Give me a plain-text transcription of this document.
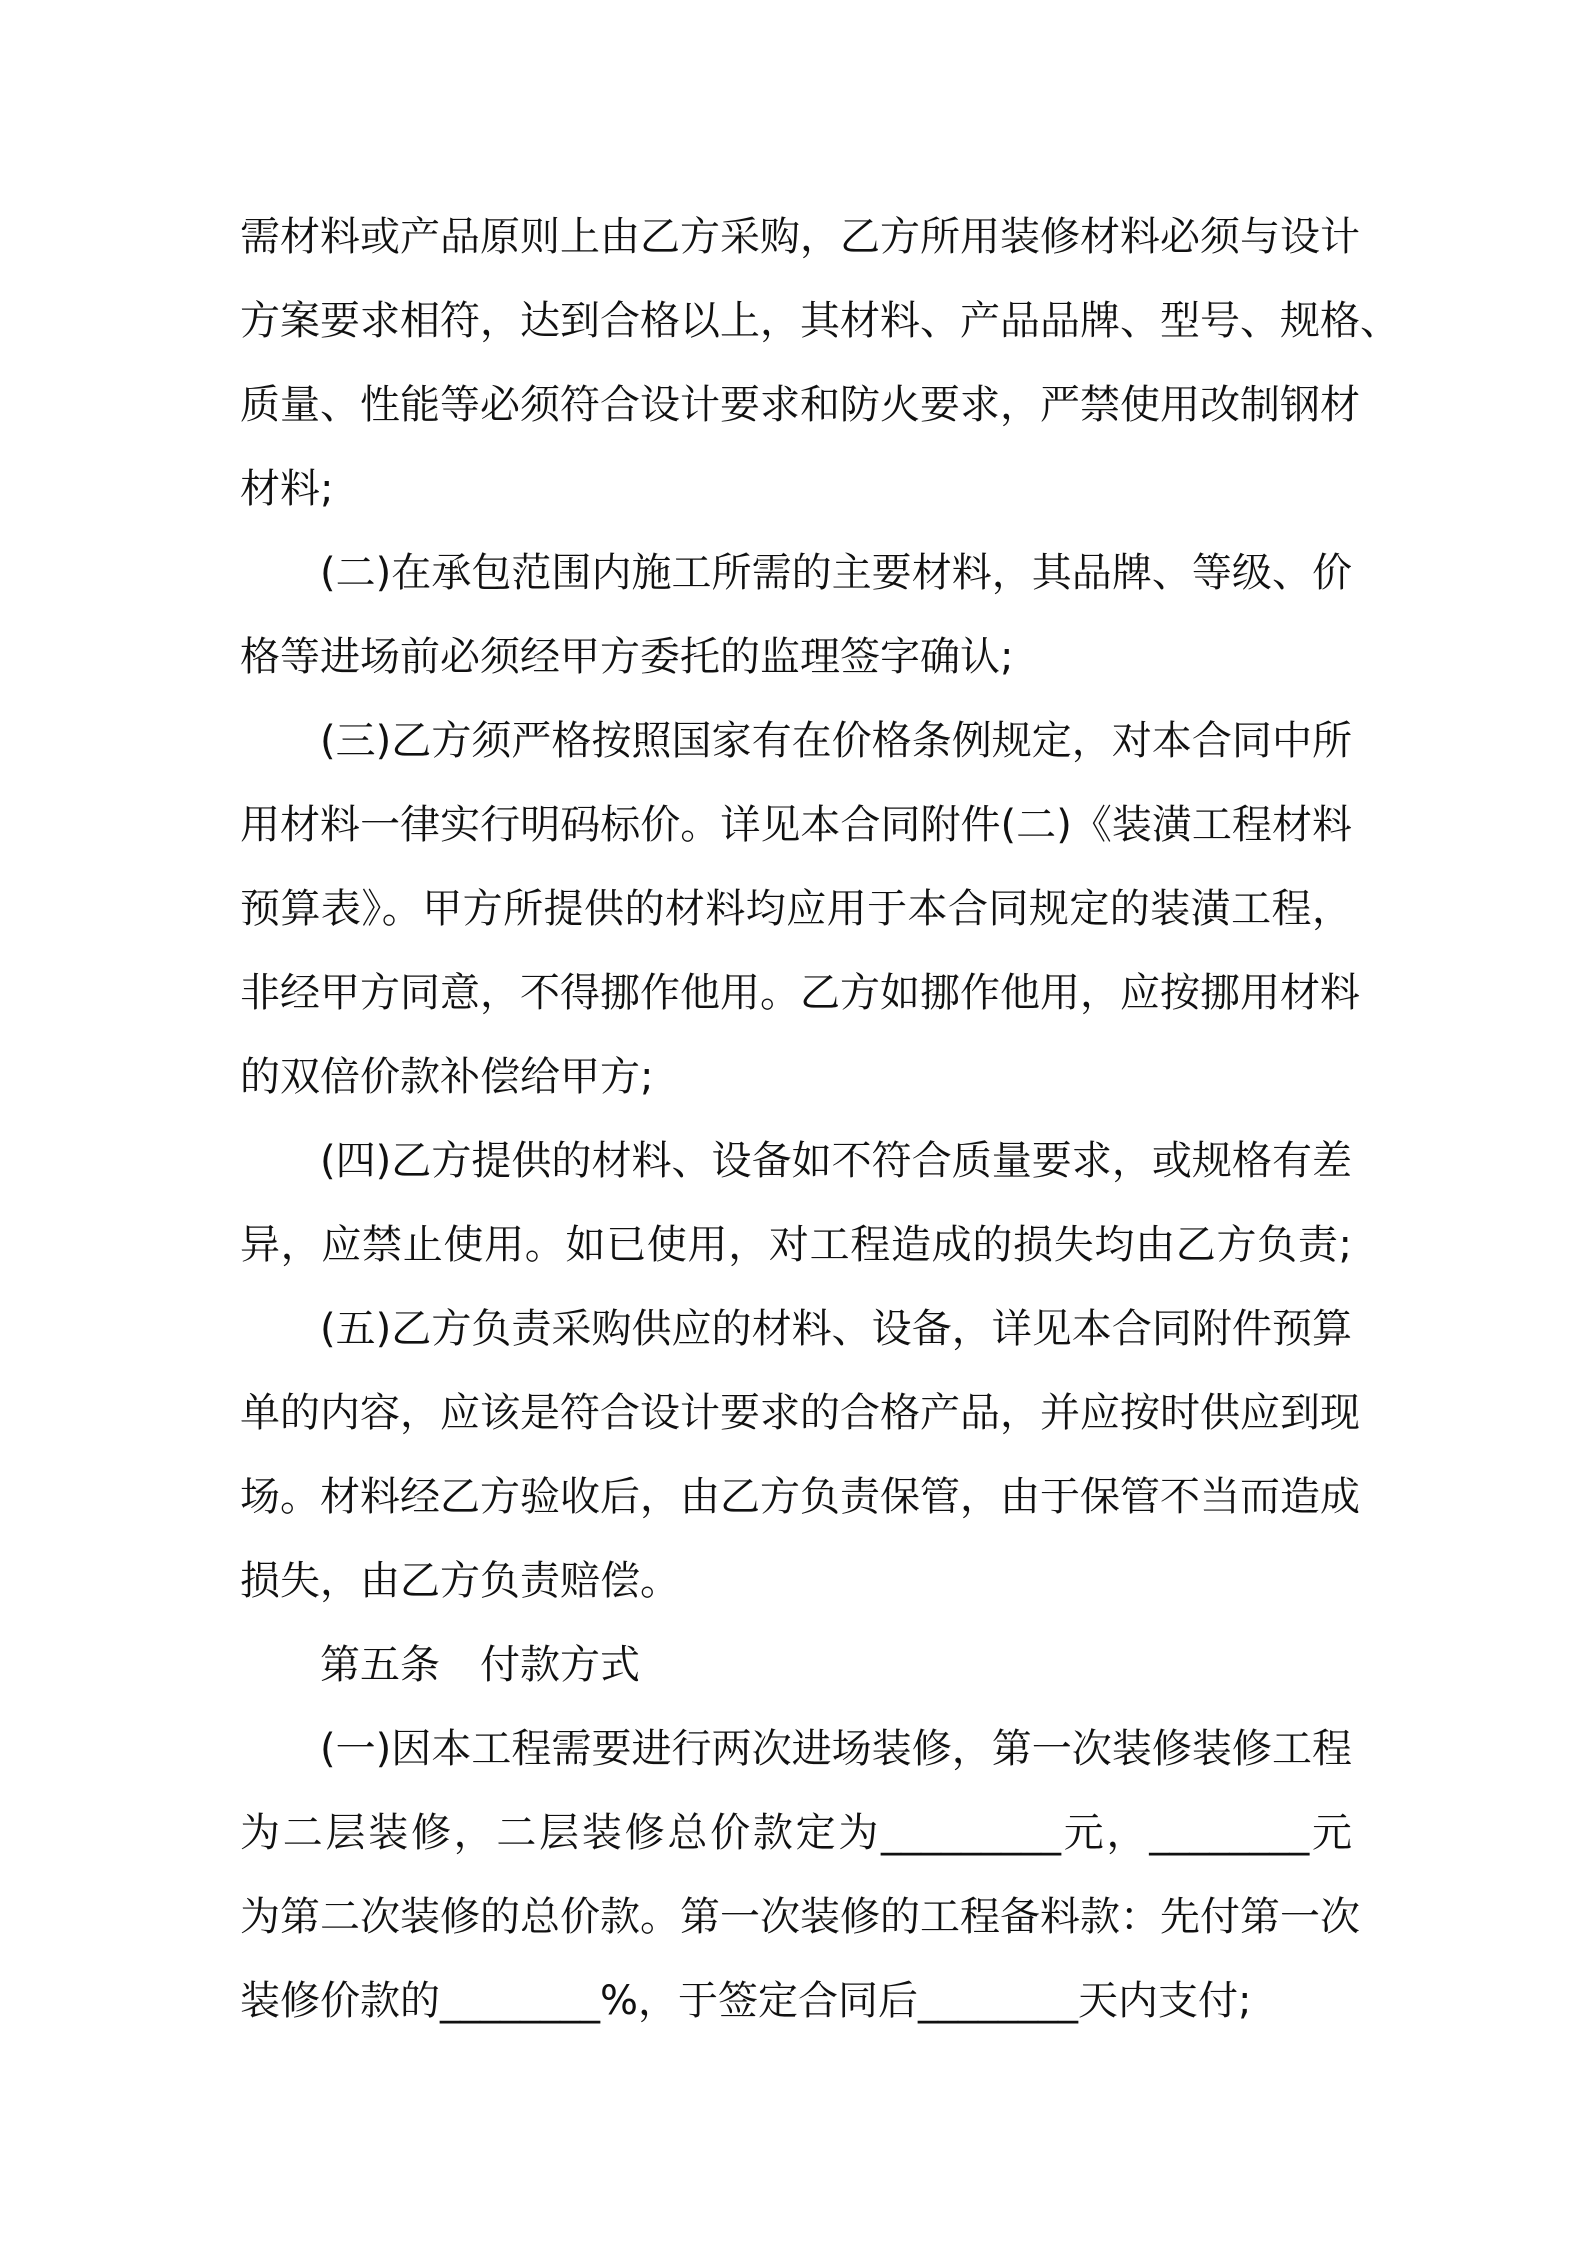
需材料或产品原则上由乙方采购，乙方所用装修材料必须与设计
方案要求相符，达到合格以上，其材料、产品品牌、型号、规格、
质量、性能等必须符合设计要求和防火要求，严禁使用改制钢材
材料;
(二)在承包范围内施工所需的主要材料，其品牌、等级、价
格等进场前必须经甲方委托的监理签字确认;
(三)乙方须严格按照国家有在价格条例规定，对本合同中所
用材料一律实行明码标价。详见本合同附件(二)《装潢工程材料
预算表》。甲方所提供的材料均应用于本合同规定的装潢工程，
非经甲方同意，不得挪作他用。乙方如挪作他用，应按挪用材料
的双倍价款补偿给甲方;
(四)乙方提供的材料、设备如不符合质量要求，或规格有差
异，应禁止使用。如已使用，对工程造成的损失均由乙方负责;
(五)乙方负责采购供应的材料、设备，详见本合同附件预算
单的内容，应该是符合设计要求的合格产品，并应按时供应到现
场。材料经乙方验收后，由乙方负责保管，由于保管不当而造成
损失，由乙方负责赔偿。
第五条　付款方式
(一)因本工程需要进行两次进场装修，第一次装修装修工程
为二层装修，二层装修总价款定为_________元，________元
为第二次装修的总价款。第一次装修的工程备料款：先付第一次
装修价款的________%，于签定合同后________天内支付;
